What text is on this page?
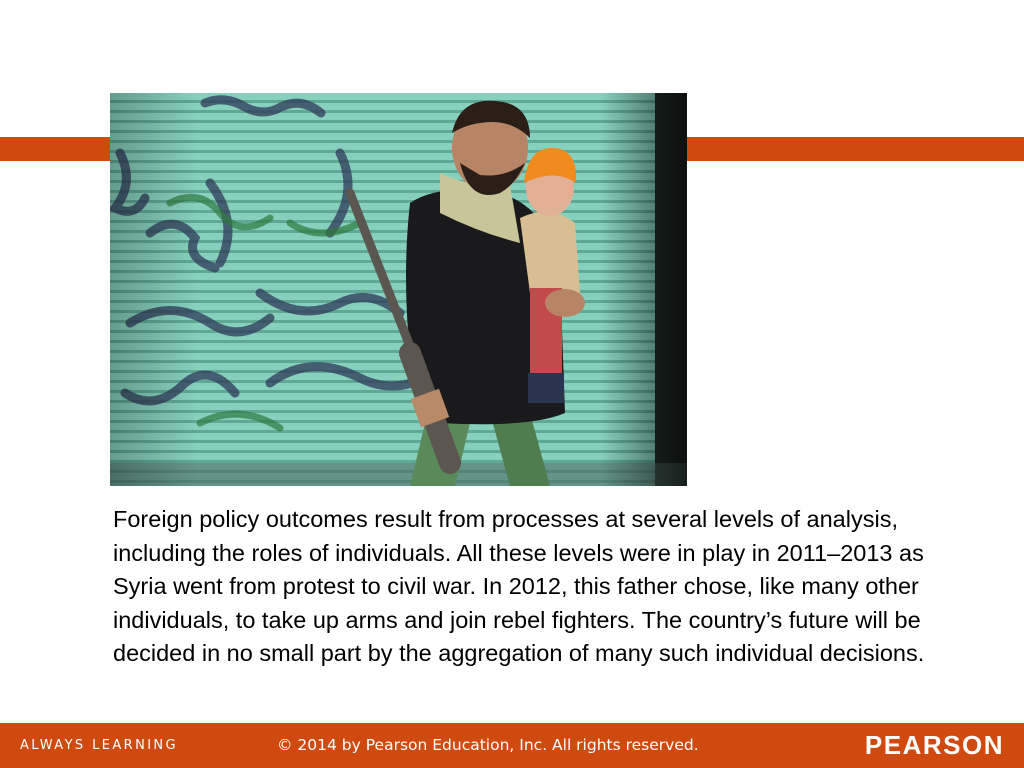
Foreign policy outcomes result from processes at several levels of analysis, including the roles of individuals. All these levels were in play in 2011–2013 as Syria went from protest to civil war. In 2012, this father chose, like many other individuals, to take up arms and join rebel fighters. The country’s future will be decided in no small part by the aggregation of many such individual decisions.

ALWAYS LEARNING	© 2014 by Pearson Education, Inc. All rights reserved.	PEARSON
